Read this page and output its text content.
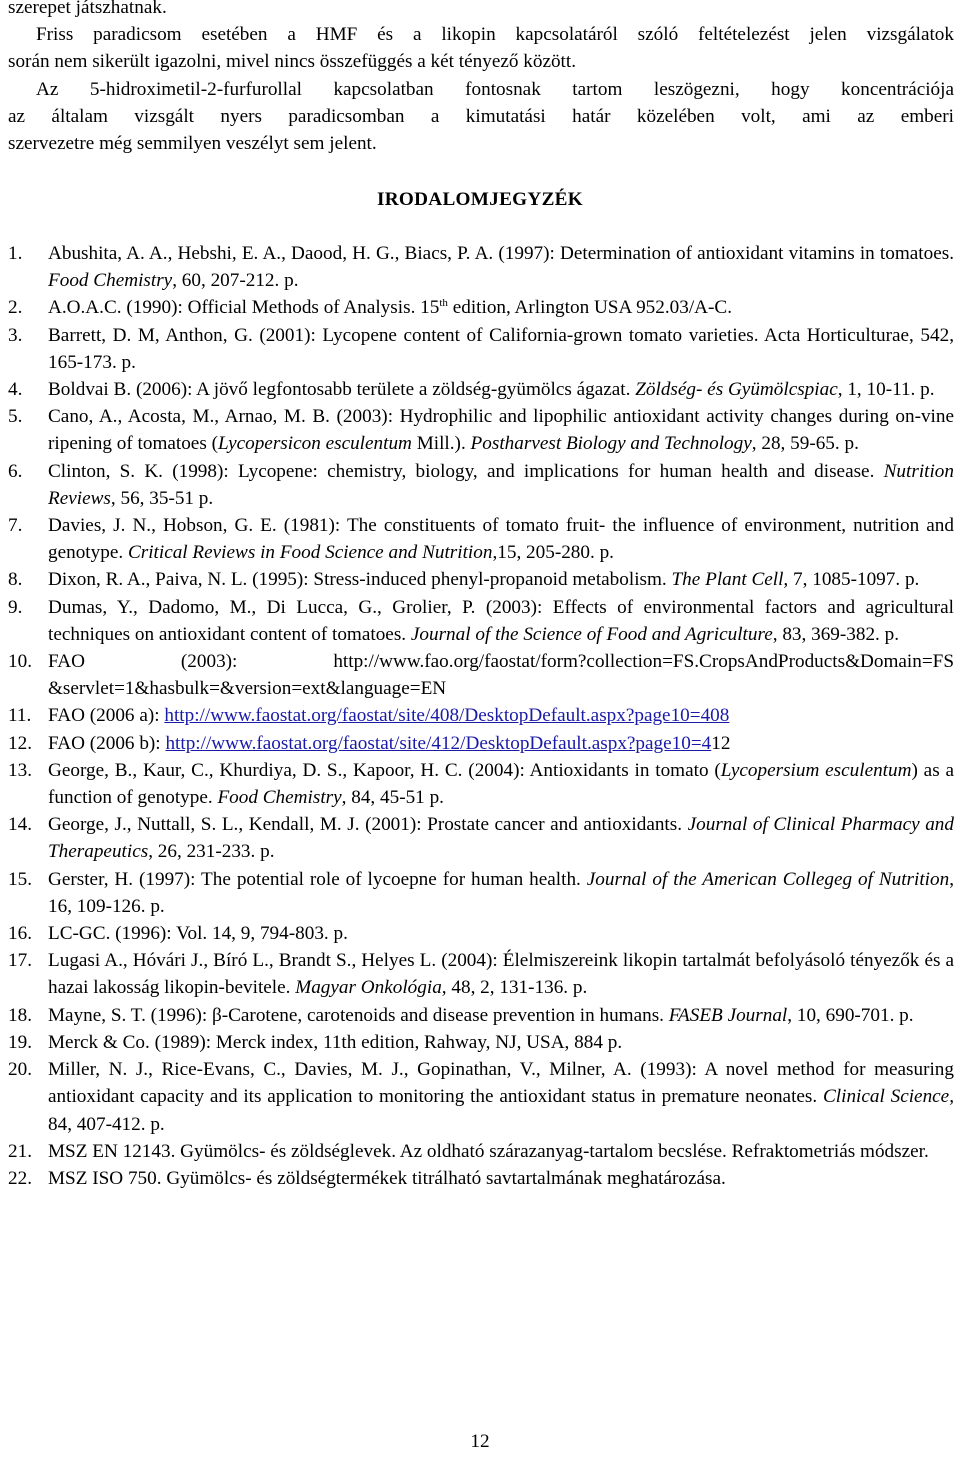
szerepet játszhatnak.

Friss paradicsom esetében a HMF és a likopin kapcsolatáról szóló feltételezést jelen vizsgálatok
során nem sikerült igazolni, mivel nincs összefüggés a két tényező között.

Az 5-hidroximetil-2-furfurollal kapcsolatban fontosnak tartom leszögezni, hogy koncentrációja
az általam vizsgált nyers paradicsomban a kimutatási határ közelében volt, ami az emberi
szervezetre még semmilyen veszélyt sem jelent.

IRODALOMJEGYZÉK
1. Abushita, A. A., Hebshi, E. A., Daood, H. G., Biacs, P. A. (1997): Determination of antioxidant vitamins in tomatoes. Food Chemistry, 60, 207-212. p.
2. A.O.A.C. (1990): Official Methods of Analysis. 15th edition, Arlington USA 952.03/A-C.
3. Barrett, D. M, Anthon, G. (2001): Lycopene content of California-grown tomato varieties. Acta Horticulturae, 542, 165-173. p.
4. Boldvai B. (2006): A jövő legfontosabb területe a zöldség-gyümölcs ágazat. Zöldség- és Gyümölcspiac, 1, 10-11. p.
5. Cano, A., Acosta, M., Arnao, M. B. (2003): Hydrophilic and lipophilic antioxidant activity changes during on-vine ripening of tomatoes (Lycopersicon esculentum Mill.). Postharvest Biology and Technology, 28, 59-65. p.
6. Clinton, S. K. (1998): Lycopene: chemistry, biology, and implications for human health and disease. Nutrition Reviews, 56, 35-51 p.
7. Davies, J. N., Hobson, G. E. (1981): The constituents of tomato fruit- the influence of environment, nutrition and genotype. Critical Reviews in Food Science and Nutrition,15, 205-280. p.
8. Dixon, R. A., Paiva, N. L. (1995): Stress-induced phenyl-propanoid metabolism. The Plant Cell, 7, 1085-1097. p.
9. Dumas, Y., Dadomo, M., Di Lucca, G., Grolier, P. (2003): Effects of environmental factors and agricultural techniques on antioxidant content of tomatoes. Journal of the Science of Food and Agriculture, 83, 369-382. p.
10. FAO (2003): http://www.fao.org/faostat/form?collection=FS.CropsAndProducts&Domain=FS &servlet=1&hasbulk=&version=ext&language=EN
11. FAO (2006 a): http://www.faostat.org/faostat/site/408/DesktopDefault.aspx?page10=408
12. FAO (2006 b): http://www.faostat.org/faostat/site/412/DesktopDefault.aspx?page10=412
13. George, B., Kaur, C., Khurdiya, D. S., Kapoor, H. C. (2004): Antioxidants in tomato (Lycopersium esculentum) as a function of genotype. Food Chemistry, 84, 45-51 p.
14. George, J., Nuttall, S. L., Kendall, M. J. (2001): Prostate cancer and antioxidants. Journal of Clinical Pharmacy and Therapeutics, 26, 231-233. p.
15. Gerster, H. (1997): The potential role of lycoepne for human health. Journal of the American Collegeg of Nutrition, 16, 109-126. p.
16. LC-GC. (1996): Vol. 14, 9, 794-803. p.
17. Lugasi A., Hóvári J., Bíró L., Brandt S., Helyes L. (2004): Élelmiszereink likopin tartalmát befolyásoló tényezők és a hazai lakosság likopin-bevitele. Magyar Onkológia, 48, 2, 131-136. p.
18. Mayne, S. T. (1996): β-Carotene, carotenoids and disease prevention in humans. FASEB Journal, 10, 690-701. p.
19. Merck & Co. (1989): Merck index, 11th edition, Rahway, NJ, USA, 884 p.
20. Miller, N. J., Rice-Evans, C., Davies, M. J., Gopinathan, V., Milner, A. (1993): A novel method for measuring antioxidant capacity and its application to monitoring the antioxidant status in premature neonates. Clinical Science, 84, 407-412. p.
21. MSZ EN 12143. Gyümölcs- és zöldséglevek. Az oldható szárazanyag-tartalom becslése. Refraktometriás módszer.
22. MSZ ISO 750. Gyümölcs- és zöldségtermékek titrálható savtartalmának meghatározása.
12
